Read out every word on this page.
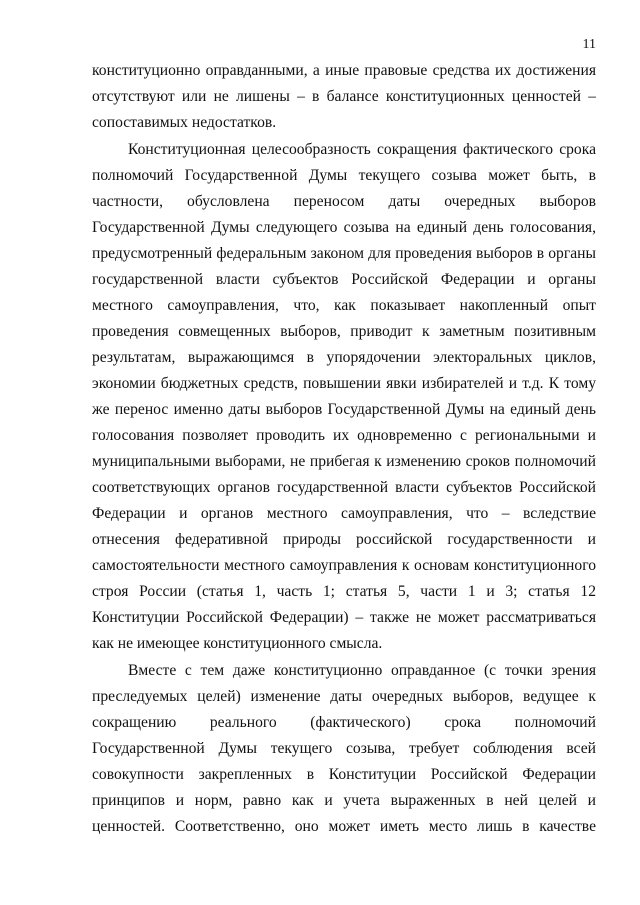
11
конституционно оправданными, а иные правовые средства их достижения
отсутствуют или не лишены – в балансе конституционных ценностей –
сопоставимых недостатков.
Конституционная целесообразность сокращения фактического срока
полномочий Государственной Думы текущего созыва может быть, в
частности, обусловлена переносом даты очередных выборов
Государственной Думы следующего созыва на единый день голосования,
предусмотренный федеральным законом для проведения выборов в органы
государственной власти субъектов Российской Федерации и органы
местного самоуправления, что, как показывает накопленный опыт
проведения совмещенных выборов, приводит к заметным позитивным
результатам, выражающимся в упорядочении электоральных циклов,
экономии бюджетных средств, повышении явки избирателей и т.д. К тому
же перенос именно даты выборов Государственной Думы на единый день
голосования позволяет проводить их одновременно с региональными и
муниципальными выборами, не прибегая к изменению сроков полномочий
соответствующих органов государственной власти субъектов Российской
Федерации и органов местного самоуправления, что – вследствие
отнесения федеративной природы российской государственности и
самостоятельности местного самоуправления к основам конституционного
строя России (статья 1, часть 1; статья 5, части 1 и 3; статья 12
Конституции Российской Федерации) – также не может рассматриваться
как не имеющее конституционного смысла.
Вместе с тем даже конституционно оправданное (с точки зрения
преследуемых целей) изменение даты очередных выборов, ведущее к
сокращению реального (фактического) срока полномочий
Государственной Думы текущего созыва, требует соблюдения всей
совокупности закрепленных в Конституции Российской Федерации
принципов и норм, равно как и учета выраженных в ней целей и
ценностей. Соответственно, оно может иметь место лишь в качестве
